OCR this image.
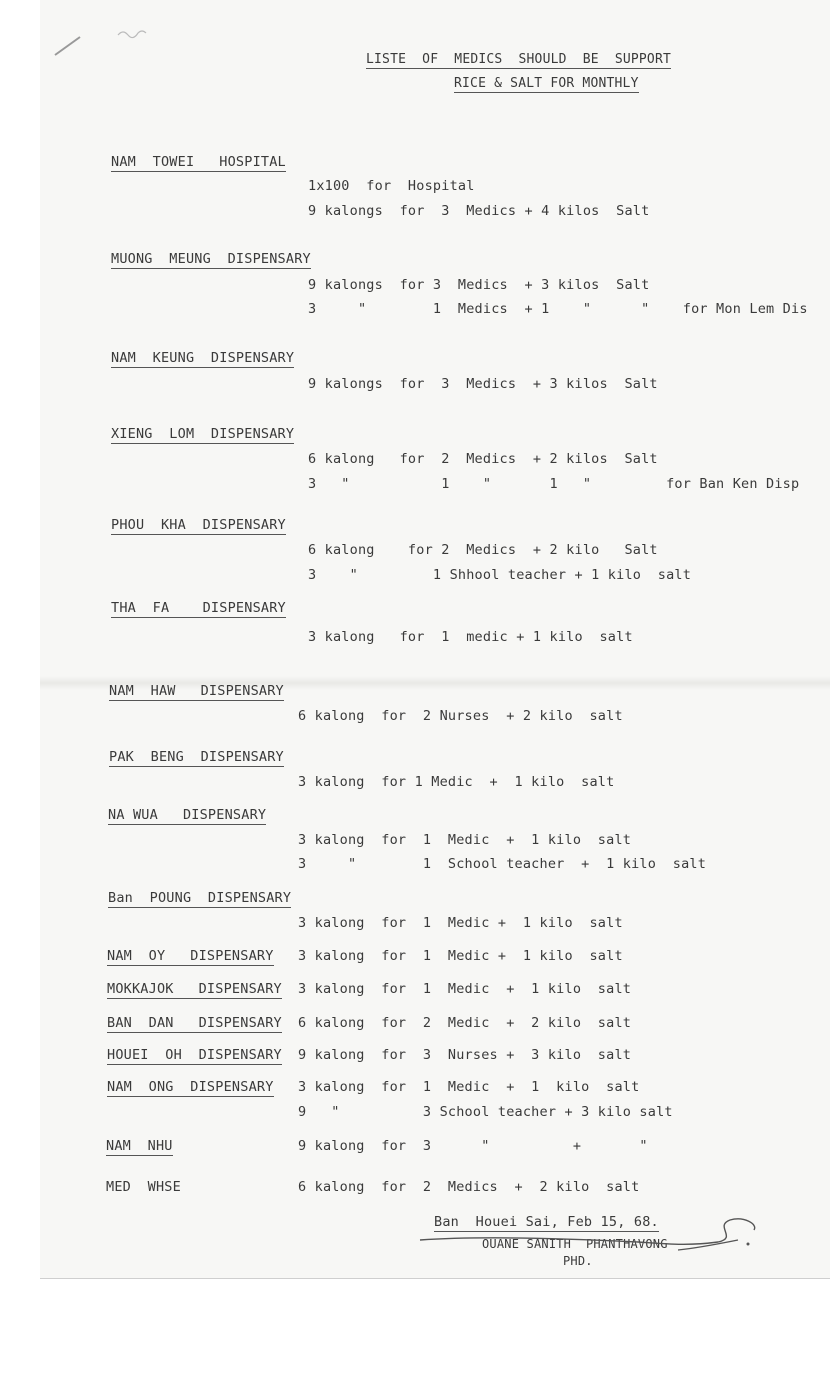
LISTE  OF  MEDICS  SHOULD  BE  SUPPORT
RICE & SALT FOR MONTHLY
NAM  TOWEI   HOSPITAL
1x100  for  Hospital
9 kalongs  for  3  Medics + 4 kilos  Salt
MUONG  MEUNG  DISPENSARY
9 kalongs  for 3  Medics  + 3 kilos  Salt
3     "        1  Medics  + 1    "      "    for Mon Lem Dis
NAM  KEUNG  DISPENSARY
9 kalongs  for  3  Medics  + 3 kilos  Salt
XIENG  LOM  DISPENSARY
6 kalong   for  2  Medics  + 2 kilos  Salt
3   "           1    "       1   "         for Ban Ken Disp
PHOU  KHA  DISPENSARY
6 kalong    for 2  Medics  + 2 kilo   Salt
3    "         1 Shhool teacher + 1 kilo  salt
THA  FA    DISPENSARY
3 kalong   for  1  medic + 1 kilo  salt
NAM  HAW   DISPENSARY
6 kalong  for  2 Nurses  + 2 kilo  salt
PAK  BENG  DISPENSARY
3 kalong  for 1 Medic  +  1 kilo  salt
NA WUA   DISPENSARY
3 kalong  for  1  Medic  +  1 kilo  salt
3     "        1  School teacher  +  1 kilo  salt
Ban  POUNG  DISPENSARY
3 kalong  for  1  Medic +  1 kilo  salt
NAM  OY   DISPENSARY 3 kalong  for  1  Medic +  1 kilo  salt
MOKKAJOK   DISPENSARY 3 kalong  for  1  Medic  +  1 kilo  salt
BAN  DAN   DISPENSARY 6 kalong  for  2  Medic  +  2 kilo  salt
HOUEI  OH  DISPENSARY 9 kalong  for  3  Nurses +  3 kilo  salt
NAM  ONG  DISPENSARY 3 kalong  for  1  Medic  +  1  kilo  salt
9   "          3 School teacher + 3 kilo salt
NAM  NHU	9 kalong  for  3      "          +       "
MED  WHSE	6 kalong  for  2  Medics  +  2 kilo  salt
Ban  Houei Sai, Feb 15, 68.
OUANE SANITH  PHANTHAVONG
PHD.
